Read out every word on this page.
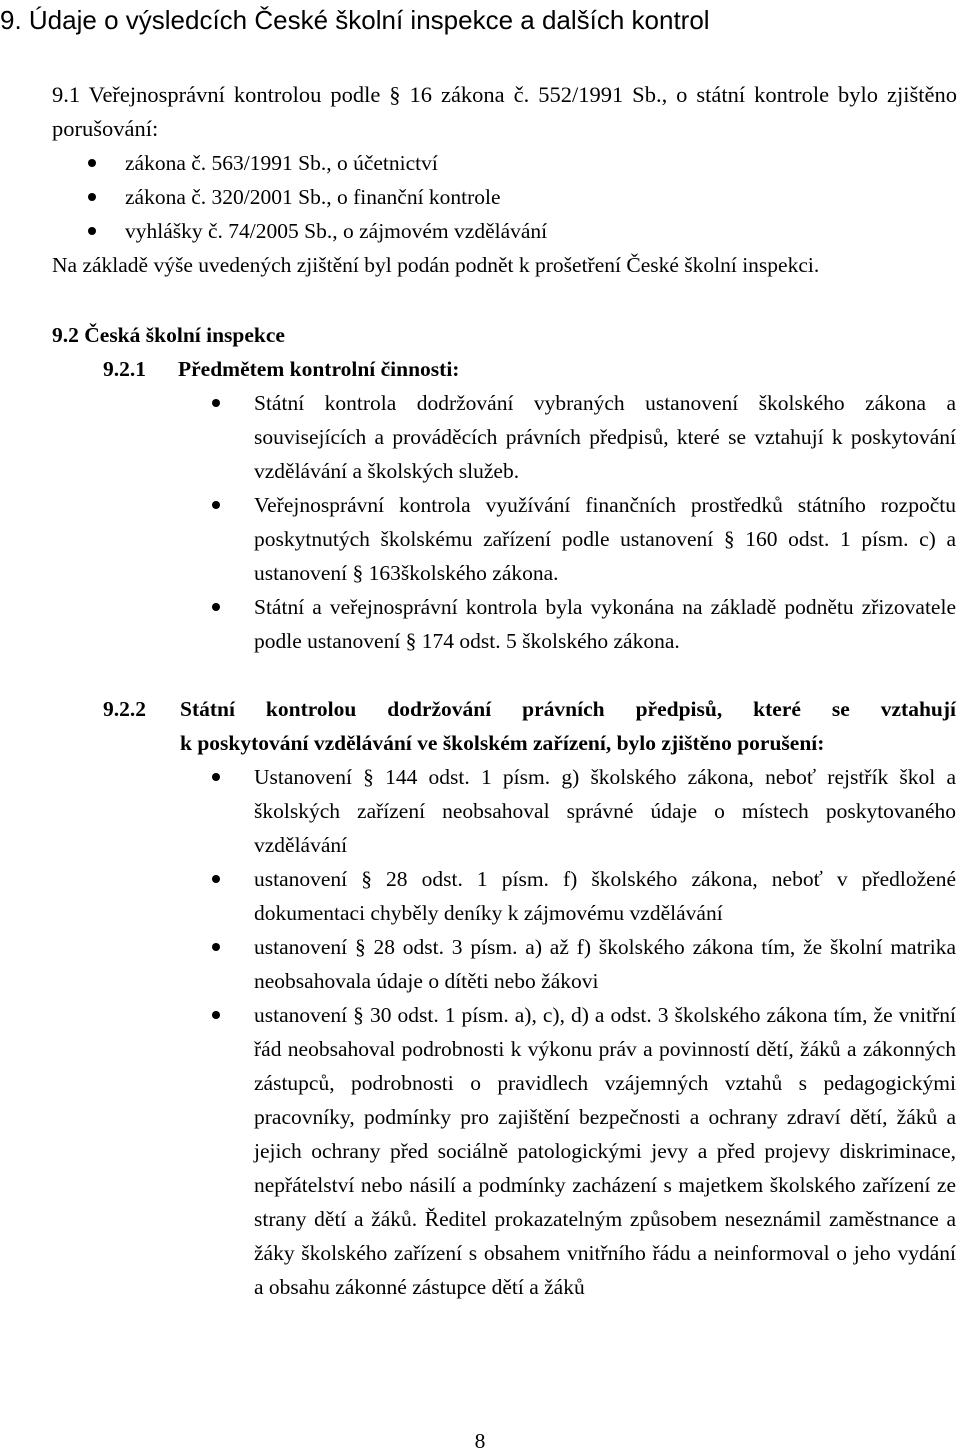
9. Údaje o výsledcích České školní inspekce a dalších kontrol
9.1 Veřejnosprávní kontrolou podle § 16 zákona č. 552/1991 Sb., o státní kontrole bylo zjištěno porušování:
zákona č. 563/1991 Sb., o účetnictví
zákona č. 320/2001 Sb., o finanční kontrole
vyhlášky č. 74/2005 Sb., o zájmovém vzdělávání
Na základě výše uvedených zjištění byl podán podnět k prošetření České školní inspekci.
9.2 Česká školní inspekce
9.2.1 Předmětem kontrolní činnosti:
Státní kontrola dodržování vybraných ustanovení školského zákona a souvisejících a prováděcích právních předpisů, které se vztahují k poskytování vzdělávání a školských služeb.
Veřejnosprávní kontrola využívání finančních prostředků státního rozpočtu poskytnutých školskému zařízení podle ustanovení § 160 odst. 1 písm. c) a ustanovení § 163školského zákona.
Státní a veřejnosprávní kontrola byla vykonána na základě podnětu zřizovatele podle ustanovení § 174 odst. 5 školského zákona.
9.2.2	Státní kontrolou dodržování právních předpisů, které se vztahují
k poskytování vzdělávání ve školském zařízení, bylo zjištěno porušení:
Ustanovení § 144 odst. 1 písm. g) školského zákona, neboť rejstřík škol a školských zařízení neobsahoval správné údaje o místech poskytovaného vzdělávání
ustanovení § 28 odst. 1 písm. f) školského zákona, neboť v předložené dokumentaci chyběly deníky k zájmovému vzdělávání
ustanovení § 28 odst. 3 písm. a) až f) školského zákona tím, že školní matrika neobsahovala údaje o dítěti nebo žákovi
ustanovení § 30 odst. 1 písm. a), c), d) a odst. 3 školského zákona tím, že vnitřní řád neobsahoval podrobnosti k výkonu práv a povinností dětí, žáků a zákonných zástupců, podrobnosti o pravidlech vzájemných vztahů s pedagogickými pracovníky, podmínky pro zajištění bezpečnosti a ochrany zdraví dětí, žáků a jejich ochrany před sociálně patologickými jevy a před projevy diskriminace, nepřátelství nebo násilí a podmínky zacházení s majetkem školského zařízení ze strany dětí a žáků. Ředitel prokazatelným způsobem neseznámil zaměstnance a žáky školského zařízení s obsahem vnitřního řádu a neinformoval o jeho vydání a obsahu zákonné zástupce dětí a žáků
8
